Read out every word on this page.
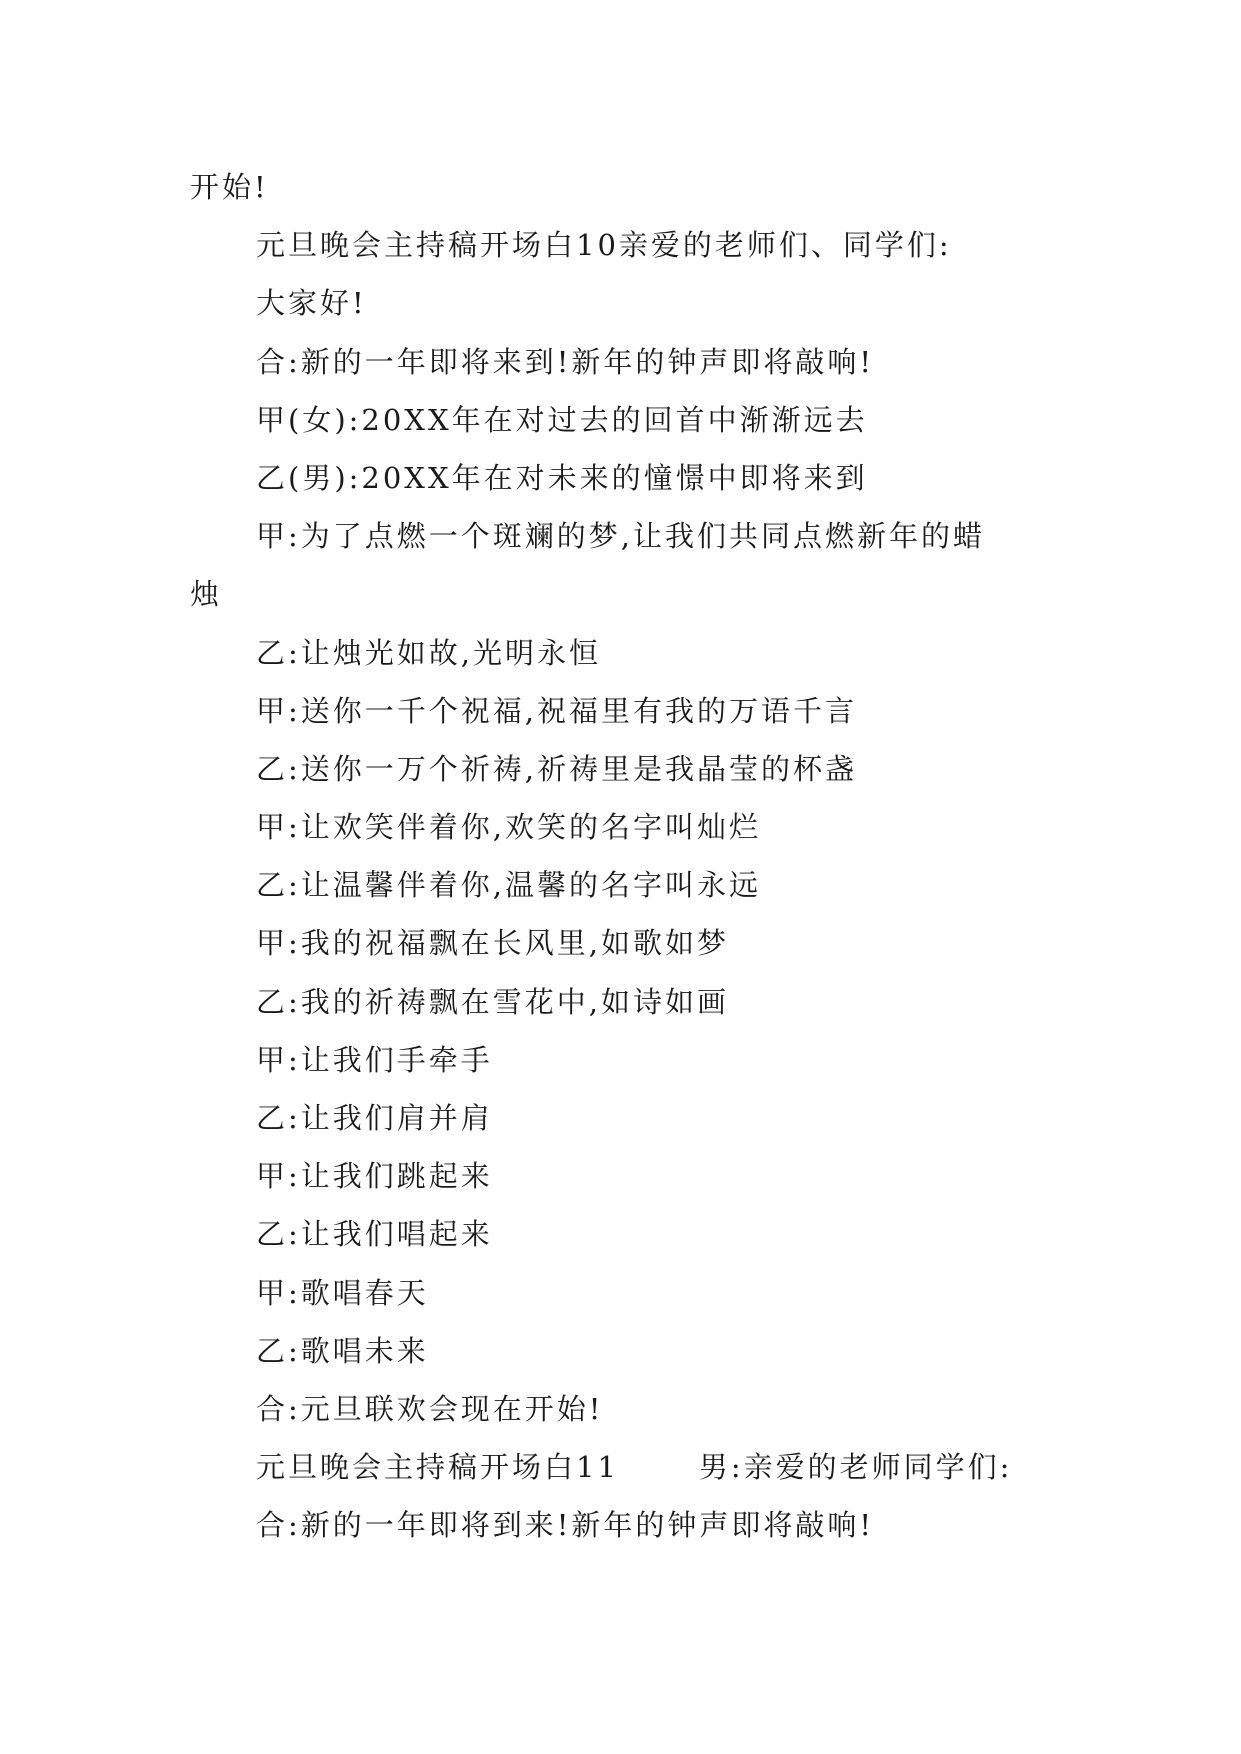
开始!
元旦晚会主持稿开场白10亲爱的老师们、同学们:
大家好!
合:新的一年即将来到!新年的钟声即将敲响!
甲(女):20XX年在对过去的回首中渐渐远去
乙(男):20XX年在对未来的憧憬中即将来到
甲:为了点燃一个斑斓的梦,让我们共同点燃新年的蜡
烛
乙:让烛光如故,光明永恒
甲:送你一千个祝福,祝福里有我的万语千言
乙:送你一万个祈祷,祈祷里是我晶莹的杯盏
甲:让欢笑伴着你,欢笑的名字叫灿烂
乙:让温馨伴着你,温馨的名字叫永远
甲:我的祝福飘在长风里,如歌如梦
乙:我的祈祷飘在雪花中,如诗如画
甲:让我们手牵手
乙:让我们肩并肩
甲:让我们跳起来
乙:让我们唱起来
甲:歌唱春天
乙:歌唱未来
合:元旦联欢会现在开始!
元旦晚会主持稿开场白11	男:亲爱的老师同学们:
合:新的一年即将到来!新年的钟声即将敲响!
